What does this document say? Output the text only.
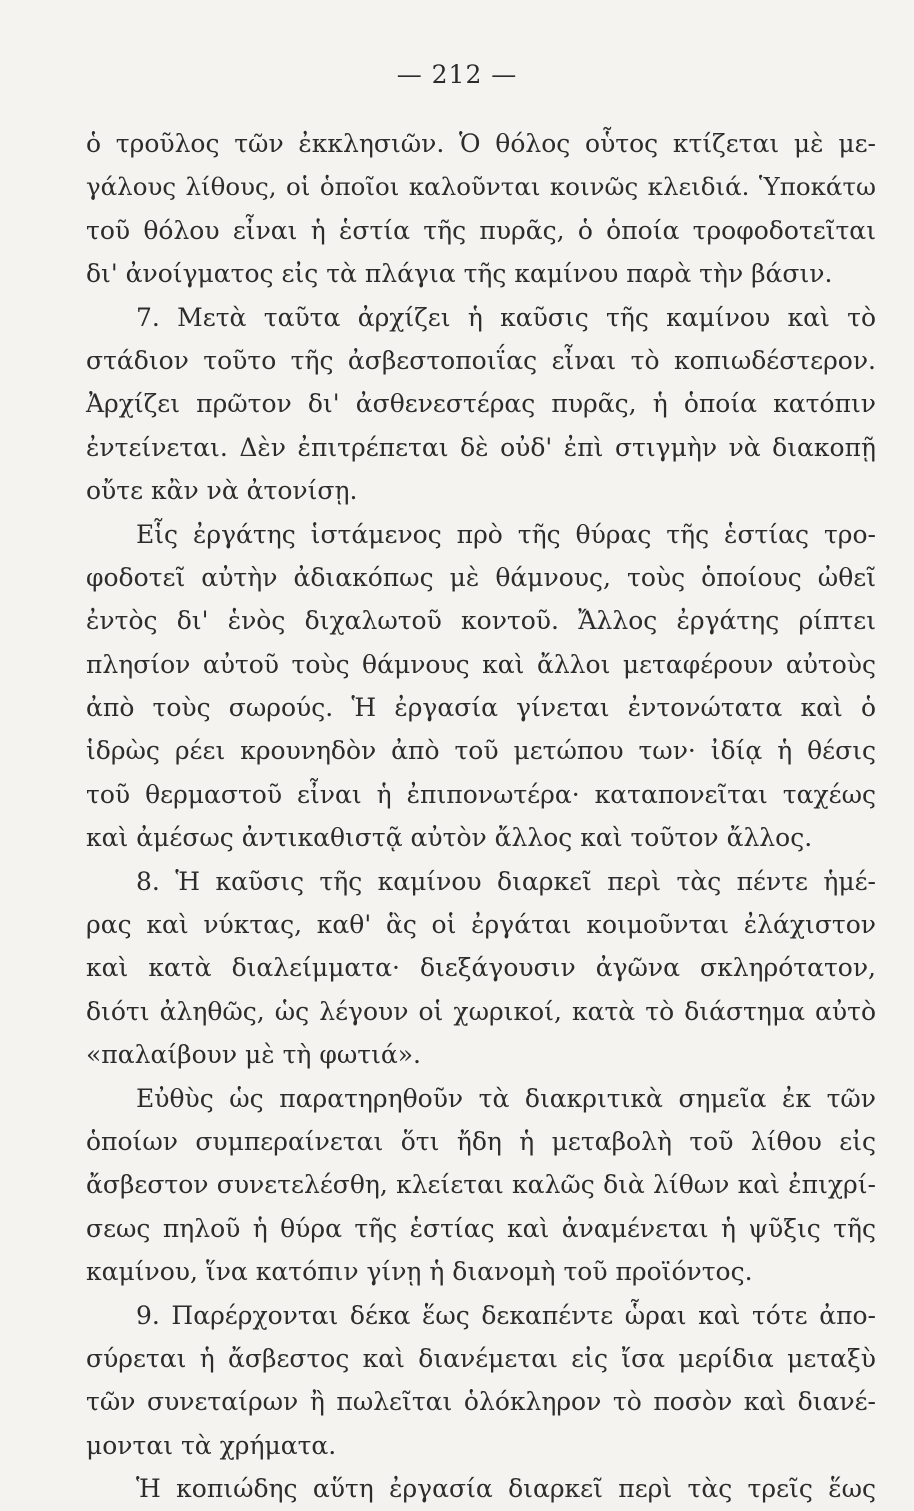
— 212 —
ὁ τροῦλος τῶν ἐκκλησιῶν. Ὁ θόλος οὗτος κτίζεται μὲ με-
γάλους λίθους, οἱ ὁποῖοι καλοῦνται κοινῶς κλειδιά. Ὑποκάτω
τοῦ θόλου εἶναι ἡ ἑστία τῆς πυρᾶς, ὁ ὁποία τροφοδοτεῖται
δι' ἀνοίγματος εἰς τὰ πλάγια τῆς καμίνου παρὰ τὴν βάσιν.
7. Μετὰ ταῦτα ἀρχίζει ἡ καῦσις τῆς καμίνου καὶ τὸ
στάδιον τοῦτο τῆς ἀσβεστοποιΐας εἶναι τὸ κοπιωδέστερον.
Ἀρχίζει πρῶτον δι' ἀσθενεστέρας πυρᾶς, ἡ ὁποία κατόπιν
ἐντείνεται. Δὲν ἐπιτρέπεται δὲ οὐδ' ἐπὶ στιγμὴν νὰ διακοπῇ
οὔτε κἂν νὰ ἀτονίσῃ.
Εἷς ἐργάτης ἱστάμενος πρὸ τῆς θύρας τῆς ἑστίας τρο-
φοδοτεῖ αὐτὴν ἀδιακόπως μὲ θάμνους, τοὺς ὁποίους ὠθεῖ
ἐντὸς δι' ἑνὸς διχαλωτοῦ κοντοῦ. Ἄλλος ἐργάτης ρίπτει
πλησίον αὐτοῦ τοὺς θάμνους καὶ ἄλλοι μεταφέρουν αὐτοὺς
ἀπὸ τοὺς σωρούς. Ἡ ἐργασία γίνεται ἐντονώτατα καὶ ὁ
ἱδρὼς ρέει κρουνηδὸν ἀπὸ τοῦ μετώπου των· ἰδίᾳ ἡ θέσις
τοῦ θερμαστοῦ εἶναι ἡ ἐπιπονωτέρα· καταπονεῖται ταχέως
καὶ ἀμέσως ἀντικαθιστᾷ αὐτὸν ἄλλος καὶ τοῦτον ἄλλος.
8. Ἡ καῦσις τῆς καμίνου διαρκεῖ περὶ τὰς πέντε ἡμέ-
ρας καὶ νύκτας, καθ' ἃς οἱ ἐργάται κοιμοῦνται ἐλάχιστον
καὶ κατὰ διαλείμματα· διεξάγουσιν ἀγῶνα σκληρότατον,
διότι ἀληθῶς, ὡς λέγουν οἱ χωρικοί, κατὰ τὸ διάστημα αὐτὸ
«παλαίβουν μὲ τὴ φωτιά».
Εὐθὺς ὡς παρατηρηθοῦν τὰ διακριτικὰ σημεῖα ἐκ τῶν
ὁποίων συμπεραίνεται ὅτι ἤδη ἡ μεταβολὴ τοῦ λίθου εἰς
ἄσβεστον συνετελέσθη, κλείεται καλῶς διὰ λίθων καὶ ἐπιχρί-
σεως πηλοῦ ἡ θύρα τῆς ἑστίας καὶ ἀναμένεται ἡ ψῦξις τῆς
καμίνου, ἵνα κατόπιν γίνῃ ἡ διανομὴ τοῦ προϊόντος.
9. Παρέρχονται δέκα ἕως δεκαπέντε ὧραι καὶ τότε ἀπο-
σύρεται ἡ ἄσβεστος καὶ διανέμεται εἰς ἴσα μερίδια μεταξὺ
τῶν συνεταίρων ἢ πωλεῖται ὁλόκληρον τὸ ποσὸν καὶ διανέ-
μονται τὰ χρήματα.
Ἡ κοπιώδης αὕτη ἐργασία διαρκεῖ περὶ τὰς τρεῖς ἕως
